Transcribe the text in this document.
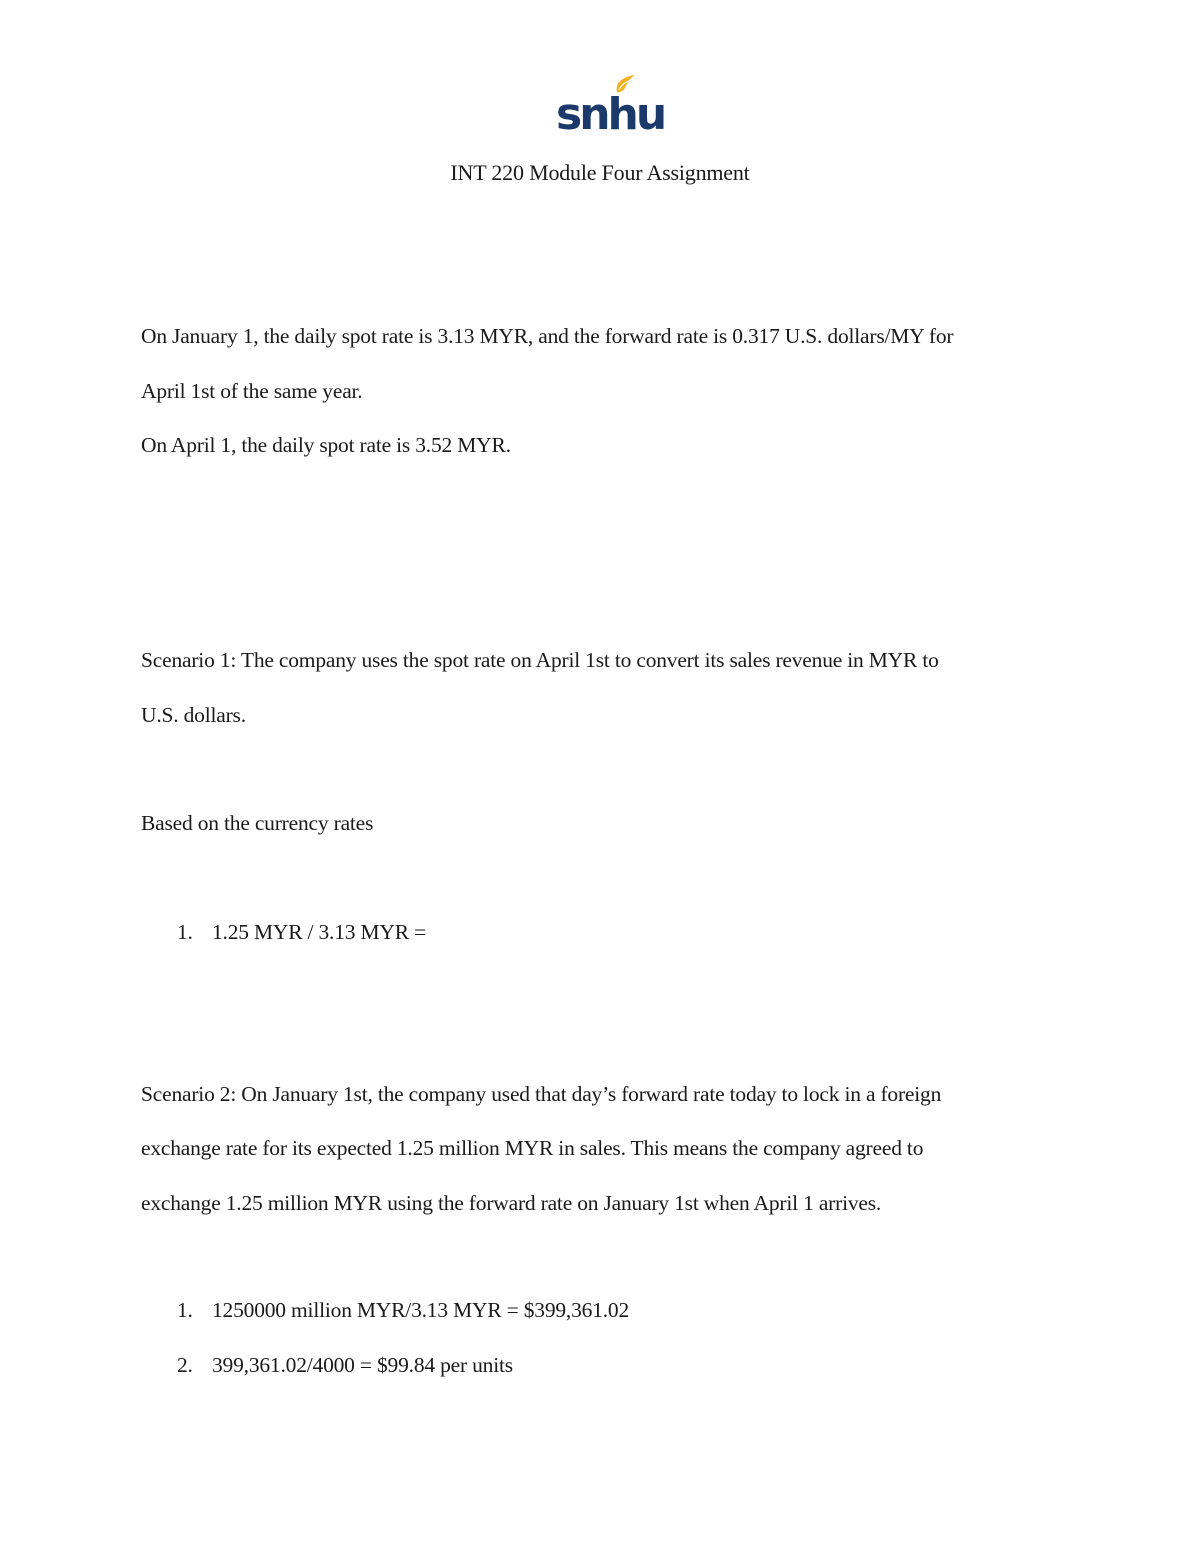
snhu
INT 220 Module Four Assignment
On January 1, the daily spot rate is 3.13 MYR, and the forward rate is 0.317 U.S. dollars/MY for
April 1st of the same year.
On April 1, the daily spot rate is 3.52 MYR.
Scenario 1: The company uses the spot rate on April 1st to convert its sales revenue in MYR to
U.S. dollars.
Based on the currency rates
1. 1.25 MYR / 3.13 MYR =
Scenario 2: On January 1st, the company used that day’s forward rate today to lock in a foreign
exchange rate for its expected 1.25 million MYR in sales. This means the company agreed to
exchange 1.25 million MYR using the forward rate on January 1st when April 1 arrives.
1. 1250000 million MYR/3.13 MYR = $399,361.02
2. 399,361.02/4000 = $99.84 per units
